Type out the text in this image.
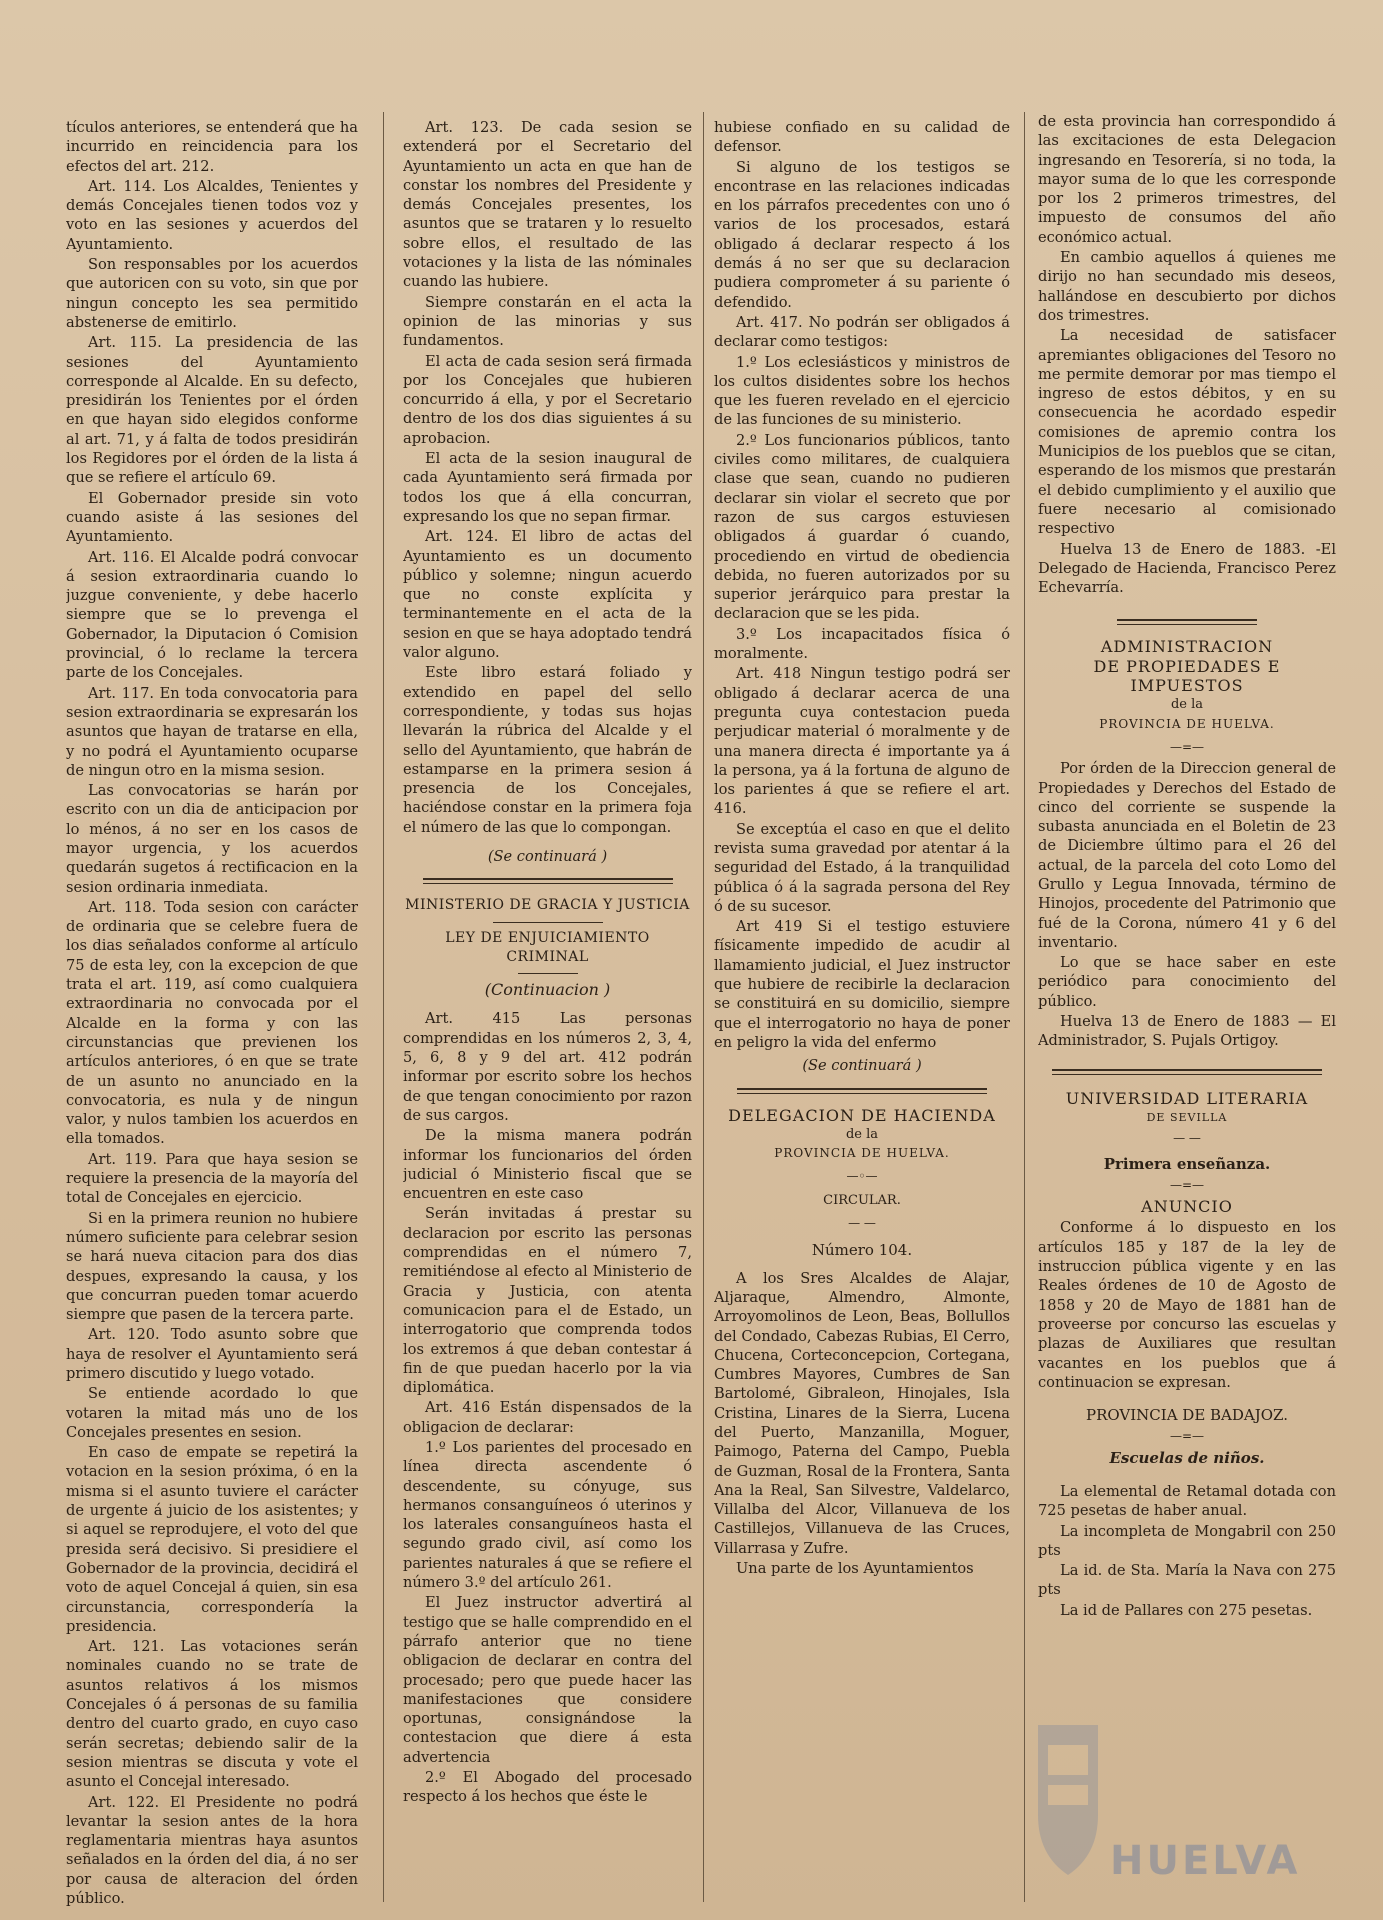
tículos anteriores, se entenderá que ha incurrido en reincidencia para los efectos del art. 212.

Art. 114. Los Alcaldes, Tenientes y demás Concejales tienen todos voz y voto en las sesiones y acuerdos del Ayuntamiento.

Son responsables por los acuerdos que autoricen con su voto, sin que por ningun concepto les sea permitido abstenerse de emitirlo.

Art. 115. La presidencia de las sesiones del Ayuntamiento corresponde al Alcalde. En su defecto, presidirán los Tenientes por el órden en que hayan sido elegidos conforme al art. 71, y á falta de todos presidirán los Regidores por el órden de la lista á que se refiere el artículo 69.

El Gobernador preside sin voto cuando asiste á las sesiones del Ayuntamiento.

Art. 116. El Alcalde podrá convocar á sesion extraordinaria cuando lo juzgue conveniente, y debe hacerlo siempre que se lo prevenga el Gobernador, la Diputacion ó Comision provincial, ó lo reclame la tercera parte de los Concejales.

Art. 117. En toda convocatoria para sesion extraordinaria se expresarán los asuntos que hayan de tratarse en ella, y no podrá el Ayuntamiento ocuparse de ningun otro en la misma sesion.

Las convocatorias se harán por escrito con un dia de anticipacion por lo ménos, á no ser en los casos de mayor urgencia, y los acuerdos quedarán sugetos á rectificacion en la sesion ordinaria inmediata.

Art. 118. Toda sesion con carácter de ordinaria que se celebre fuera de los dias señalados conforme al artículo 75 de esta ley, con la excepcion de que trata el art. 119, así como cualquiera extraordinaria no convocada por el Alcalde en la forma y con las circunstancias que previenen los artículos anteriores, ó en que se trate de un asunto no anunciado en la convocatoria, es nula y de ningun valor, y nulos tambien los acuerdos en ella tomados.

Art. 119. Para que haya sesion se requiere la presencia de la mayoría del total de Concejales en ejercicio.

Si en la primera reunion no hubiere número suficiente para celebrar sesion se hará nueva citacion para dos dias despues, expresando la causa, y los que concurran pueden tomar acuerdo siempre que pasen de la tercera parte.

Art. 120. Todo asunto sobre que haya de resolver el Ayuntamiento será primero discutido y luego votado.

Se entiende acordado lo que votaren la mitad más uno de los Concejales presentes en sesion.

En caso de empate se repetirá la votacion en la sesion próxima, ó en la misma si el asunto tuviere el carácter de urgente á juicio de los asistentes; y si aquel se reprodujere, el voto del que presida será decisivo. Si presidiere el Gobernador de la provincia, decidirá el voto de aquel Concejal á quien, sin esa circunstancia, correspondería la presidencia.

Art. 121. Las votaciones serán nominales cuando no se trate de asuntos relativos á los mismos Concejales ó á personas de su familia dentro del cuarto grado, en cuyo caso serán secretas; debiendo salir de la sesion mientras se discuta y vote el asunto el Concejal interesado.

Art. 122. El Presidente no podrá levantar la sesion antes de la hora reglamentaria mientras haya asuntos señalados en la órden del dia, á no ser por causa de alteracion del órden público.

Art. 123. De cada sesion se extenderá por el Secretario del Ayuntamiento un acta en que han de constar los nombres del Presidente y demás Concejales presentes, los asuntos que se trataren y lo resuelto sobre ellos, el resultado de las votaciones y la lista de las nóminales cuando las hubiere.

Siempre constarán en el acta la opinion de las minorias y sus fundamentos.

El acta de cada sesion será firmada por los Concejales que hubieren concurrido á ella, y por el Secretario dentro de los dos dias siguientes á su aprobacion.

El acta de la sesion inaugural de cada Ayuntamiento será firmada por todos los que á ella concurran, expresando los que no sepan firmar.

Art. 124. El libro de actas del Ayuntamiento es un documento público y solemne; ningun acuerdo que no conste explícita y terminantemente en el acta de la sesion en que se haya adoptado tendrá valor alguno.

Este libro estará foliado y extendido en papel del sello correspondiente, y todas sus hojas llevarán la rúbrica del Alcalde y el sello del Ayuntamiento, que habrán de estamparse en la primera sesion á presencia de los Concejales, haciéndose constar en la primera foja el número de las que lo compongan.

(Se continuará )

MINISTERIO DE GRACIA Y JUSTICIA

LEY DE ENJUICIAMIENTO CRIMINAL

(Continuacion )

Art. 415 Las personas comprendidas en los números 2, 3, 4, 5, 6, 8 y 9 del art. 412 podrán informar por escrito sobre los hechos de que tengan conocimiento por razon de sus cargos.

De la misma manera podrán informar los funcionarios del órden judicial ó Ministerio fiscal que se encuentren en este caso

Serán invitadas á prestar su declaracion por escrito las personas comprendidas en el número 7, remitiéndose al efecto al Ministerio de Gracia y Justicia, con atenta comunicacion para el de Estado, un interrogatorio que comprenda todos los extremos á que deban contestar á fin de que puedan hacerlo por la via diplomática.

Art. 416 Están dispensados de la obligacion de declarar:

1.º Los parientes del procesado en línea directa ascendente ó descendente, su cónyuge, sus hermanos consanguíneos ó uterinos y los laterales consanguíneos hasta el segundo grado civil, así como los parientes naturales á que se refiere el número 3.º del artículo 261.

El Juez instructor advertirá al testigo que se halle comprendido en el párrafo anterior que no tiene obligacion de declarar en contra del procesado; pero que puede hacer las manifestaciones que considere oportunas, consignándose la contestacion que diere á esta advertencia

2.º El Abogado del procesado respecto á los hechos que éste le

hubiese confiado en su calidad de defensor.

Si alguno de los testigos se encontrase en las relaciones indicadas en los párrafos precedentes con uno ó varios de los procesados, estará obligado á declarar respecto á los demás á no ser que su declaracion pudiera comprometer á su pariente ó defendido.

Art. 417. No podrán ser obligados á declarar como testigos:

1.º Los eclesiásticos y ministros de los cultos disidentes sobre los hechos que les fueren revelado en el ejercicio de las funciones de su ministerio.

2.º Los funcionarios públicos, tanto civiles como militares, de cualquiera clase que sean, cuando no pudieren declarar sin violar el secreto que por razon de sus cargos estuviesen obligados á guardar ó cuando, procediendo en virtud de obediencia debida, no fueren autorizados por su superior jerárquico para prestar la declaracion que se les pida.

3.º Los incapacitados física ó moralmente.

Art. 418 Ningun testigo podrá ser obligado á declarar acerca de una pregunta cuya contestacion pueda perjudicar material ó moralmente y de una manera directa é importante ya á la persona, ya á la fortuna de alguno de los parientes á que se refiere el art. 416.

Se exceptúa el caso en que el delito revista suma gravedad por atentar á la seguridad del Estado, á la tranquilidad pública ó á la sagrada persona del Rey ó de su sucesor.

Art 419 Si el testigo estuviere físicamente impedido de acudir al llamamiento judicial, el Juez instructor que hubiere de recibirle la declaracion se constituirá en su domicilio, siempre que el interrogatorio no haya de poner en peligro la vida del enfermo

(Se continuará )

DELEGACION DE HACIENDA

de la

PROVINCIA DE HUELVA.

—◦—

CIRCULAR.

— —

Número 104.

A los Sres Alcaldes de Alajar, Aljaraque, Almendro, Almonte, Arroyomolinos de Leon, Beas, Bollullos del Condado, Cabezas Rubias, El Cerro, Chucena, Corteconcepcion, Cortegana, Cumbres Mayores, Cumbres de San Bartolomé, Gibraleon, Hinojales, Isla Cristina, Linares de la Sierra, Lucena del Puerto, Manzanilla, Moguer, Paimogo, Paterna del Campo, Puebla de Guzman, Rosal de la Frontera, Santa Ana la Real, San Silvestre, Valdelarco, Villalba del Alcor, Villanueva de los Castillejos, Villanueva de las Cruces, Villarrasa y Zufre.

Una parte de los Ayuntamientos

de esta provincia han correspondido á las excitaciones de esta Delegacion ingresando en Tesorería, si no toda, la mayor suma de lo que les corresponde por los 2 primeros trimestres, del impuesto de consumos del año económico actual.

En cambio aquellos á quienes me dirijo no han secundado mis deseos, hallándose en descubierto por dichos dos trimestres.

La necesidad de satisfacer apremiantes obligaciones del Tesoro no me permite demorar por mas tiempo el ingreso de estos débitos, y en su consecuencia he acordado espedir comisiones de apremio contra los Municipios de los pueblos que se citan, esperando de los mismos que prestarán el debido cumplimiento y el auxilio que fuere necesario al comisionado respectivo

Huelva 13 de Enero de 1883. -El Delegado de Hacienda, Francisco Perez Echevarría.

ADMINISTRACION

DE PROPIEDADES E IMPUESTOS

de la

PROVINCIA DE HUELVA.

—=—

Por órden de la Direccion general de Propiedades y Derechos del Estado de cinco del corriente se suspende la subasta anunciada en el Boletin de 23 de Diciembre último para el 26 del actual, de la parcela del coto Lomo del Grullo y Legua Innovada, término de Hinojos, procedente del Patrimonio que fué de la Corona, número 41 y 6 del inventario.

Lo que se hace saber en este periódico para conocimiento del público.

Huelva 13 de Enero de 1883 — El Administrador, S. Pujals Ortigoy.

UNIVERSIDAD LITERARIA

DE SEVILLA

— —

Primera enseñanza.

—=—

ANUNCIO

Conforme á lo dispuesto en los artículos 185 y 187 de la ley de instruccion pública vigente y en las Reales órdenes de 10 de Agosto de 1858 y 20 de Mayo de 1881 han de proveerse por concurso las escuelas y plazas de Auxiliares que resultan vacantes en los pueblos que á continuacion se expresan.

PROVINCIA DE BADAJOZ.

—=—

Escuelas de niños.

La elemental de Retamal dotada con 725 pesetas de haber anual.

La incompleta de Mongabril con 250 pts

La id. de Sta. María la Nava con 275 pts

La id de Pallares con 275 pesetas.

HUELVA
